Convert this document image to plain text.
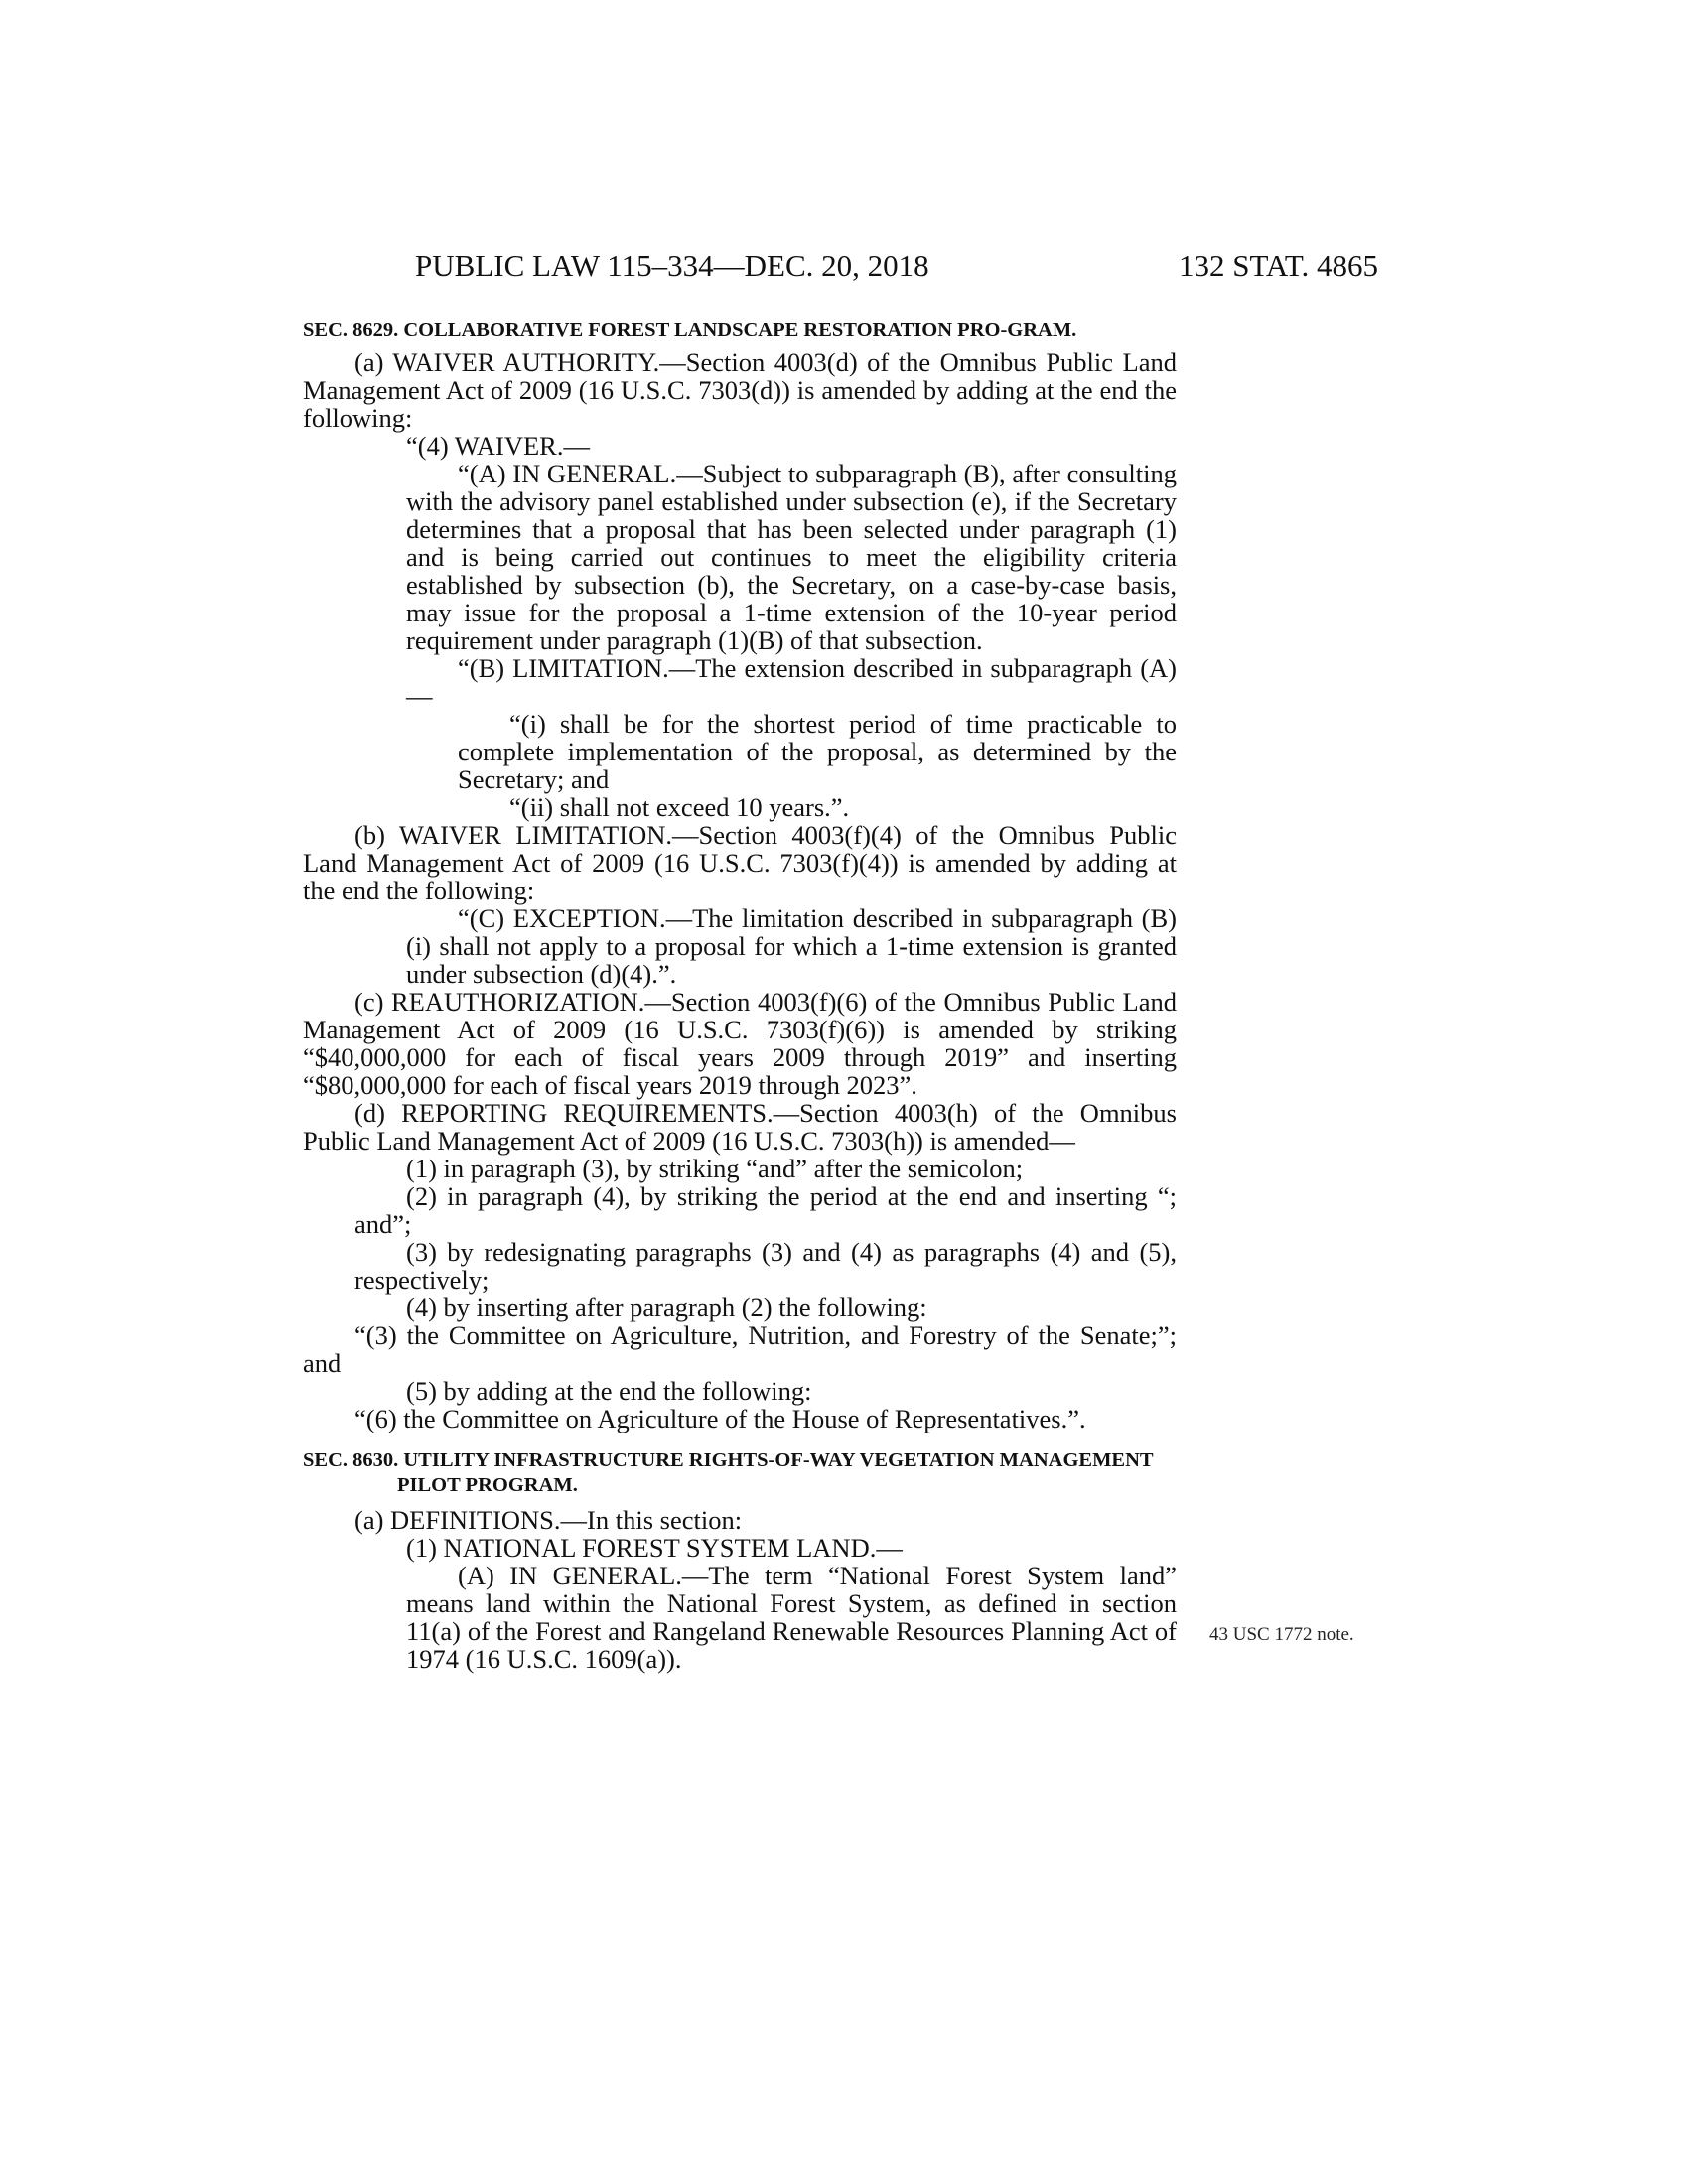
PUBLIC LAW 115–334—DEC. 20, 2018	132 STAT. 4865
SEC. 8629. COLLABORATIVE FOREST LANDSCAPE RESTORATION PRO-GRAM.

(a) WAIVER AUTHORITY.—Section 4003(d) of the Omnibus Public Land Management Act of 2009 (16 U.S.C. 7303(d)) is amended by adding at the end the following:

“(4) WAIVER.—

“(A) IN GENERAL.—Subject to subparagraph (B), after consulting with the advisory panel established under subsection (e), if the Secretary determines that a proposal that has been selected under paragraph (1) and is being carried out continues to meet the eligibility criteria established by subsection (b), the Secretary, on a case-by-case basis, may issue for the proposal a 1-time extension of the 10-year period requirement under paragraph (1)(B) of that subsection.

“(B) LIMITATION.—The extension described in subparagraph (A)—

“(i) shall be for the shortest period of time practicable to complete implementation of the proposal, as determined by the Secretary; and

“(ii) shall not exceed 10 years.”.

(b) WAIVER LIMITATION.—Section 4003(f)(4) of the Omnibus Public Land Management Act of 2009 (16 U.S.C. 7303(f)(4)) is amended by adding at the end the following:

“(C) EXCEPTION.—The limitation described in subparagraph (B)(i) shall not apply to a proposal for which a 1-time extension is granted under subsection (d)(4).”.

(c) REAUTHORIZATION.—Section 4003(f)(6) of the Omnibus Public Land Management Act of 2009 (16 U.S.C. 7303(f)(6)) is amended by striking “$40,000,000 for each of fiscal years 2009 through 2019” and inserting “$80,000,000 for each of fiscal years 2019 through 2023”.

(d) REPORTING REQUIREMENTS.—Section 4003(h) of the Omnibus Public Land Management Act of 2009 (16 U.S.C. 7303(h)) is amended—

(1) in paragraph (3), by striking “and” after the semicolon;

(2) in paragraph (4), by striking the period at the end and inserting “; and”;

(3) by redesignating paragraphs (3) and (4) as paragraphs (4) and (5), respectively;

(4) by inserting after paragraph (2) the following:

“(3) the Committee on Agriculture, Nutrition, and Forestry of the Senate;”; and

(5) by adding at the end the following:

“(6) the Committee on Agriculture of the House of Representatives.”.

SEC. 8630. UTILITY INFRASTRUCTURE RIGHTS-OF-WAY VEGETATION MANAGEMENT PILOT PROGRAM.

(a) DEFINITIONS.—In this section:

(1) NATIONAL FOREST SYSTEM LAND.—

(A) IN GENERAL.—The term “National Forest System land” means land within the National Forest System, as defined in section 11(a) of the Forest and Rangeland Renewable Resources Planning Act of 1974 (16 U.S.C. 1609(a)).

43 USC 1772 note.
